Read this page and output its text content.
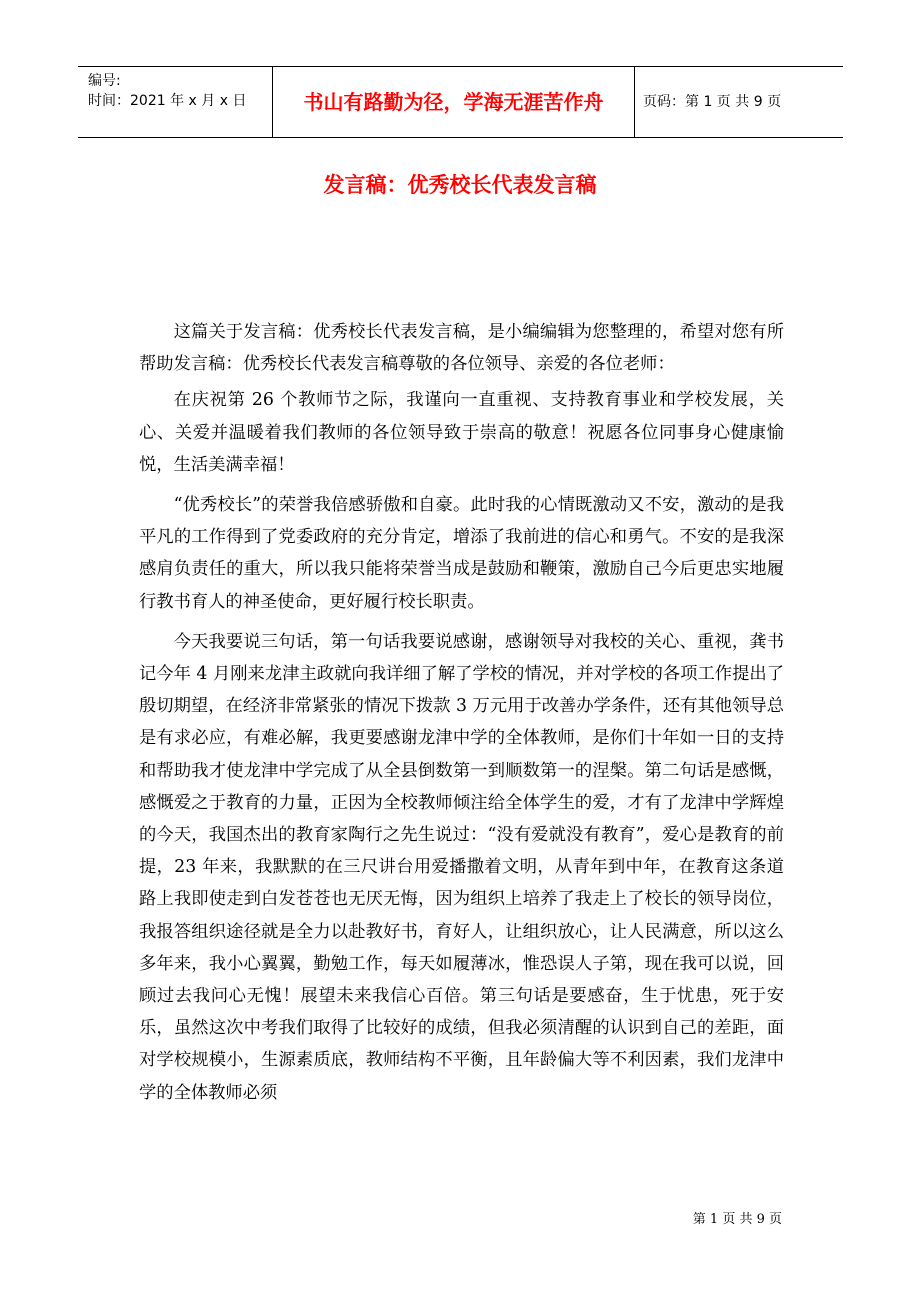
编号:
时间：2021 年 x 月 x 日	书山有路勤为径，学海无涯苦作舟	页码：第 1 页 共 9 页
发言稿：优秀校长代表发言稿

这篇关于发言稿：优秀校长代表发言稿，是小编编辑为您整理的，希望对您有所帮助发言稿：优秀校长代表发言稿尊敬的各位领导、亲爱的各位老师：

在庆祝第 26 个教师节之际，我谨向一直重视、支持教育事业和学校发展，关心、关爱并温暖着我们教师的各位领导致于崇高的敬意！祝愿各位同事身心健康愉悦，生活美满幸福！

“优秀校长”的荣誉我倍感骄傲和自豪。此时我的心情既激动又不安，激动的是我平凡的工作得到了党委政府的充分肯定，增添了我前进的信心和勇气。不安的是我深感肩负责任的重大，所以我只能将荣誉当成是鼓励和鞭策，激励自己今后更忠实地履行教书育人的神圣使命，更好履行校长职责。

今天我要说三句话，第一句话我要说感谢，感谢领导对我校的关心、重视，龚书记今年 4 月刚来龙津主政就向我详细了解了学校的情况，并对学校的各项工作提出了殷切期望，在经济非常紧张的情况下拨款 3 万元用于改善办学条件，还有其他领导总是有求必应，有难必解，我更要感谢龙津中学的全体教师，是你们十年如一日的支持和帮助我才使龙津中学完成了从全县倒数第一到顺数第一的涅槃。第二句话是感慨，感慨爱之于教育的力量，正因为全校教师倾注给全体学生的爱，才有了龙津中学辉煌的今天，我国杰出的教育家陶行之先生说过：“没有爱就没有教育”，爱心是教育的前提，23 年来，我默默的在三尺讲台用爱播撒着文明，从青年到中年，在教育这条道路上我即使走到白发苍苍也无厌无悔，因为组织上培养了我走上了校长的领导岗位，我报答组织途径就是全力以赴教好书，育好人，让组织放心，让人民满意，所以这么多年来，我小心翼翼，勤勉工作，每天如履薄冰，惟恐误人子第，现在我可以说，回顾过去我问心无愧！展望未来我信心百倍。第三句话是要感奋，生于忧患，死于安乐，虽然这次中考我们取得了比较好的成绩，但我必须清醒的认识到自己的差距，面对学校规模小，生源素质底，教师结构不平衡，且年龄偏大等不利因素，我们龙津中学的全体教师必须

第 1 页 共 9 页
